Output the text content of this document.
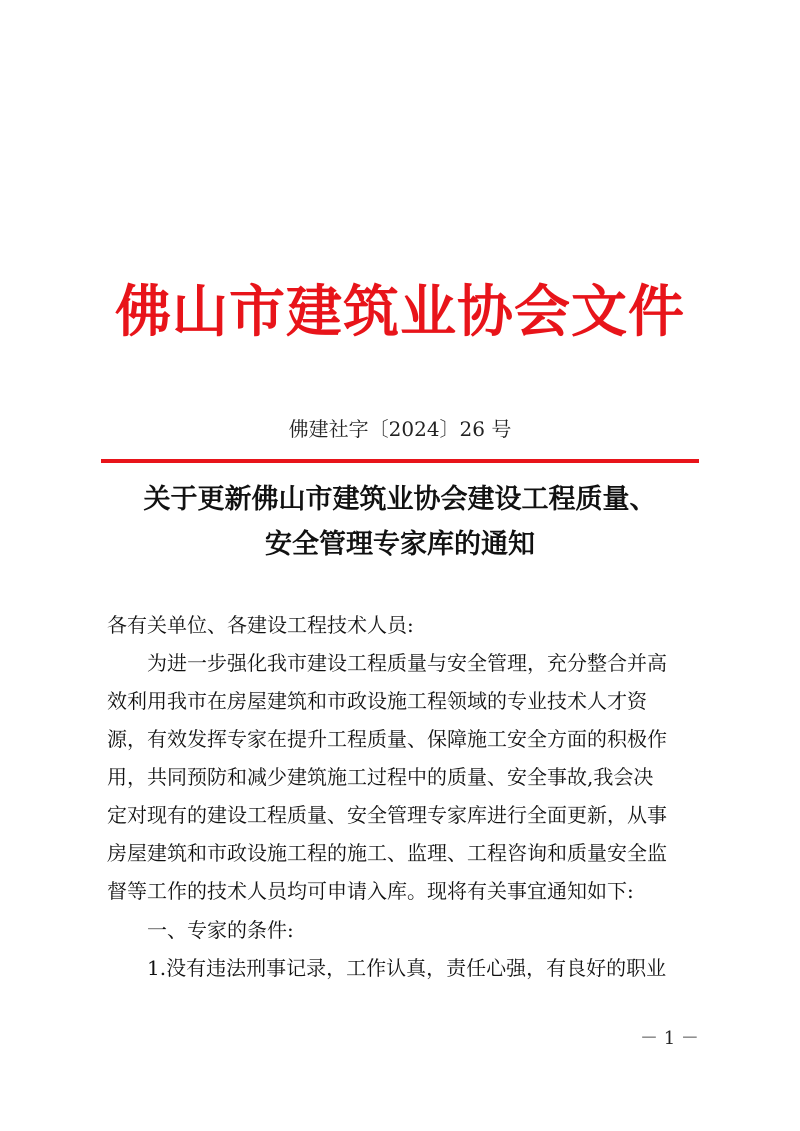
佛山市建筑业协会文件
佛建社字〔2024〕26 号
关于更新佛山市建筑业协会建设工程质量、
安全管理专家库的通知
各有关单位、各建设工程技术人员:
为进一步强化我市建设工程质量与安全管理，充分整合并高
效利用我市在房屋建筑和市政设施工程领域的专业技术人才资
源，有效发挥专家在提升工程质量、保障施工安全方面的积极作
用，共同预防和减少建筑施工过程中的质量、安全事故,我会决
定对现有的建设工程质量、安全管理专家库进行全面更新，从事
房屋建筑和市政设施工程的施工、监理、工程咨询和质量安全监
督等工作的技术人员均可申请入库。现将有关事宜通知如下:
一、专家的条件:
1.没有违法刑事记录，工作认真，责任心强，有良好的职业
－ 1 －
